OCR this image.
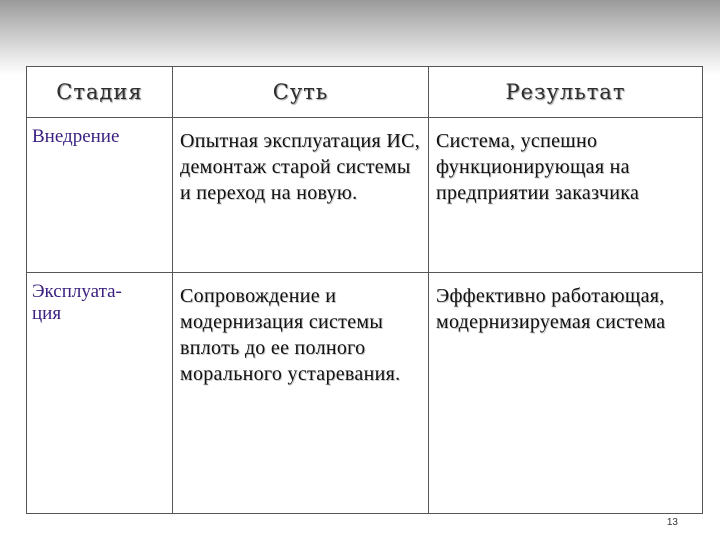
Стадия	Суть	Результат

Внедрение	Опытная эксплуатация ИС, демонтаж старой системы и переход на новую.	Система, успешно функционирующая на предприятии заказчика

Эксплуата-
ция	Сопровождение и модернизация системы вплоть до ее полного морального устаревания.	Эффективно работающая, модернизируемая система
13
